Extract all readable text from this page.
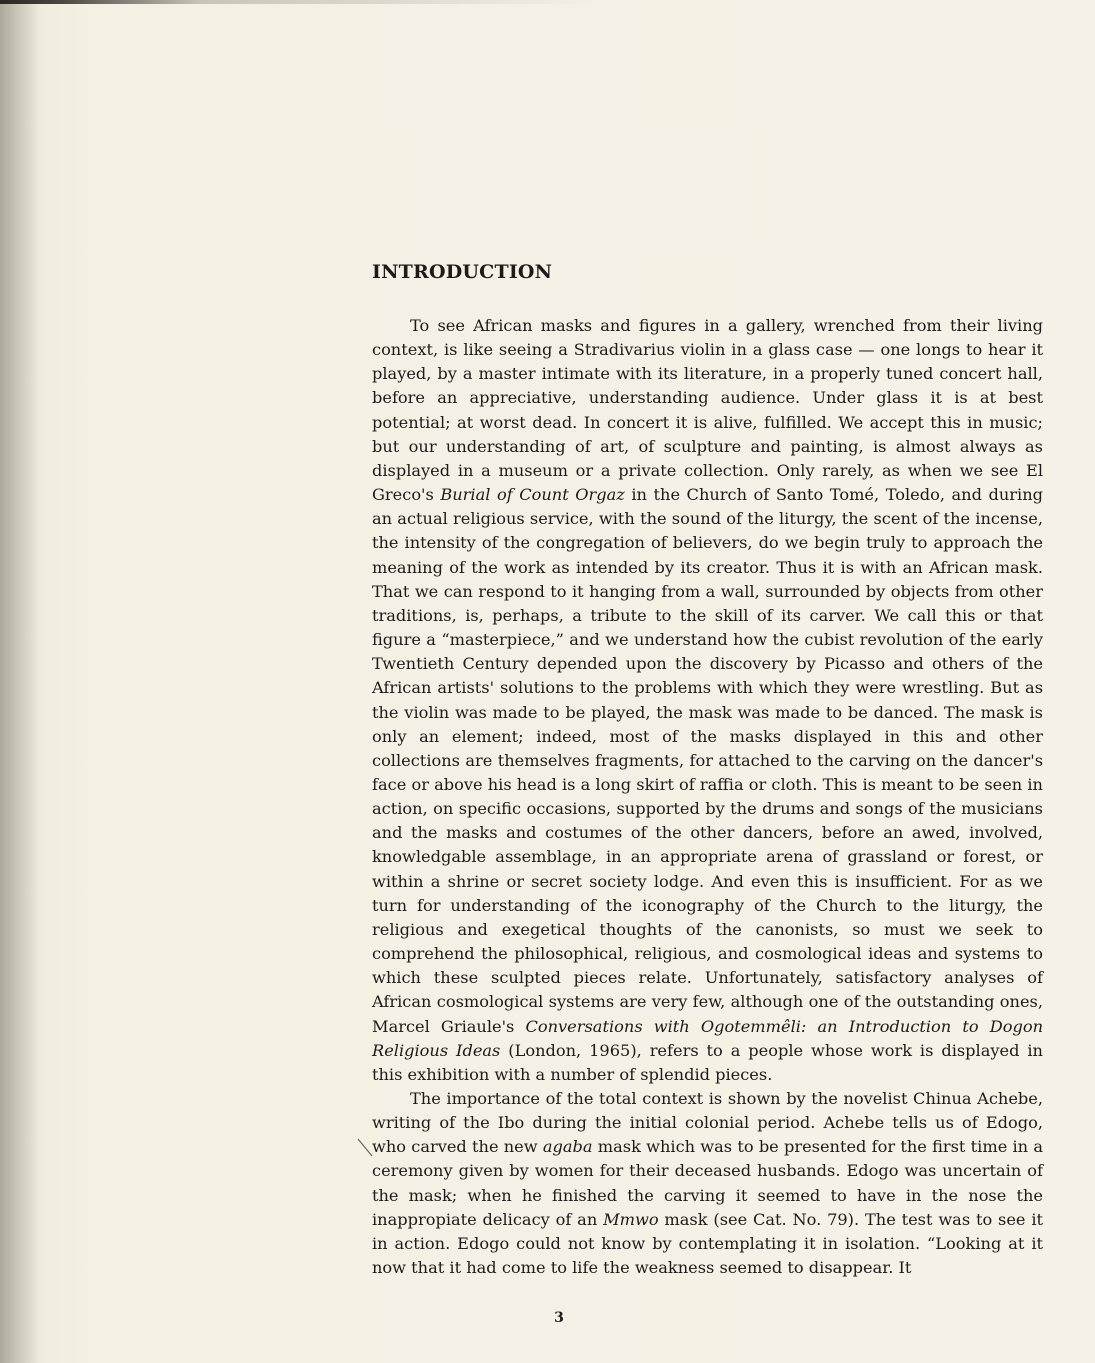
INTRODUCTION

To see African masks and figures in a gallery, wrenched from their living context, is like seeing a Stradivarius violin in a glass case — one longs to hear it played, by a master intimate with its literature, in a properly tuned concert hall, before an appreciative, understanding audience. Under glass it is at best potential; at worst dead. In concert it is alive, fulfilled. We accept this in music; but our understanding of art, of sculpture and painting, is almost always as displayed in a museum or a private collection. Only rarely, as when we see El Greco's Burial of Count Orgaz in the Church of Santo Tomé, Toledo, and during an actual religious service, with the sound of the liturgy, the scent of the incense, the intensity of the congregation of believers, do we begin truly to approach the meaning of the work as intended by its creator. Thus it is with an African mask. That we can respond to it hanging from a wall, surrounded by objects from other traditions, is, perhaps, a tribute to the skill of its carver. We call this or that figure a “masterpiece,” and we understand how the cubist revolution of the early Twentieth Century depended upon the discovery by Picasso and others of the African artists' solutions to the problems with which they were wrestling. But as the violin was made to be played, the mask was made to be danced. The mask is only an element; indeed, most of the masks displayed in this and other collections are themselves fragments, for attached to the carving on the dancer's face or above his head is a long skirt of raffia or cloth. This is meant to be seen in action, on specific occasions, supported by the drums and songs of the musicians and the masks and costumes of the other dancers, before an awed, involved, knowledgable assemblage, in an appropriate arena of grassland or forest, or within a shrine or secret society lodge. And even this is insufficient. For as we turn for understanding of the iconography of the Church to the liturgy, the religious and exegetical thoughts of the canonists, so must we seek to comprehend the philosophical, religious, and cosmological ideas and systems to which these sculpted pieces relate. Unfortunately, satisfactory analyses of African cosmological systems are very few, although one of the outstanding ones, Marcel Griaule's Conversations with Ogotemmêli: an Introduction to Dogon Religious Ideas (London, 1965), refers to a people whose work is displayed in this exhibition with a number of splendid pieces.

The importance of the total context is shown by the novelist Chinua Achebe, writing of the Ibo during the initial colonial period. Achebe tells us of Edogo, who carved the new agaba mask which was to be presented for the first time in a ceremony given by women for their deceased husbands. Edogo was uncertain of the mask; when he finished the carving it seemed to have in the nose the inappropiate delicacy of an Mmwo mask (see Cat. No. 79). The test was to see it in action. Edogo could not know by contemplating it in isolation. “Looking at it now that it had come to life the weakness seemed to disappear. It

3
